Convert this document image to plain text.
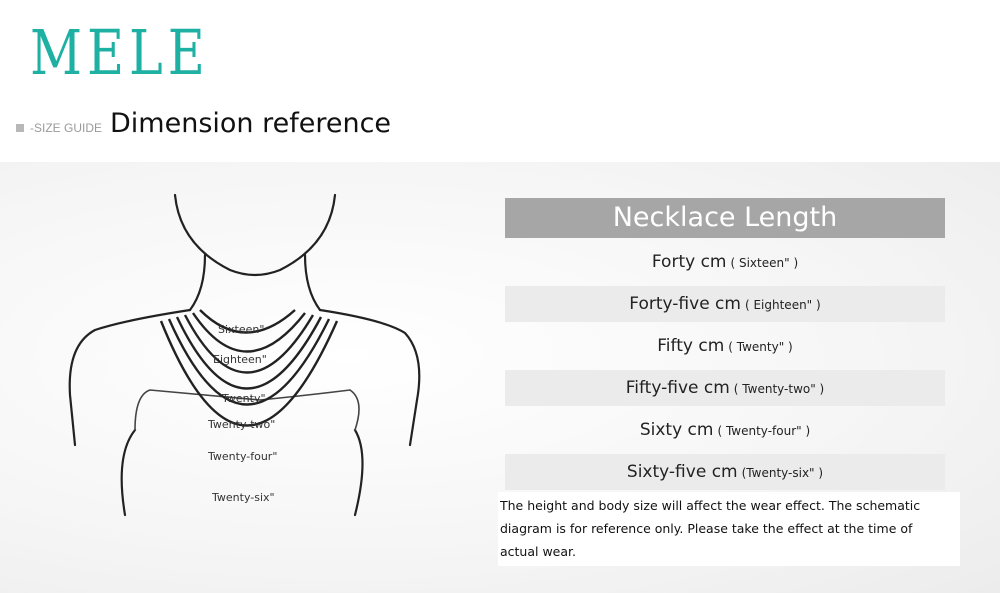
MELE
-SIZE GUIDE Dimension reference
Sixteen"
Eighteen"
Twenty"
Twenty-two"
Twenty-four"
Twenty-six"
Necklace Length
Forty cm ( Sixteen" )
Forty-five cm ( Eighteen" )
Fifty cm ( Twenty" )
Fifty-five cm ( Twenty-two" )
Sixty cm ( Twenty-four" )
Sixty-five cm (Twenty-six" )
The height and body size will affect the wear effect. The schematic
diagram is for reference only. Please take the effect at the time of
actual wear.
